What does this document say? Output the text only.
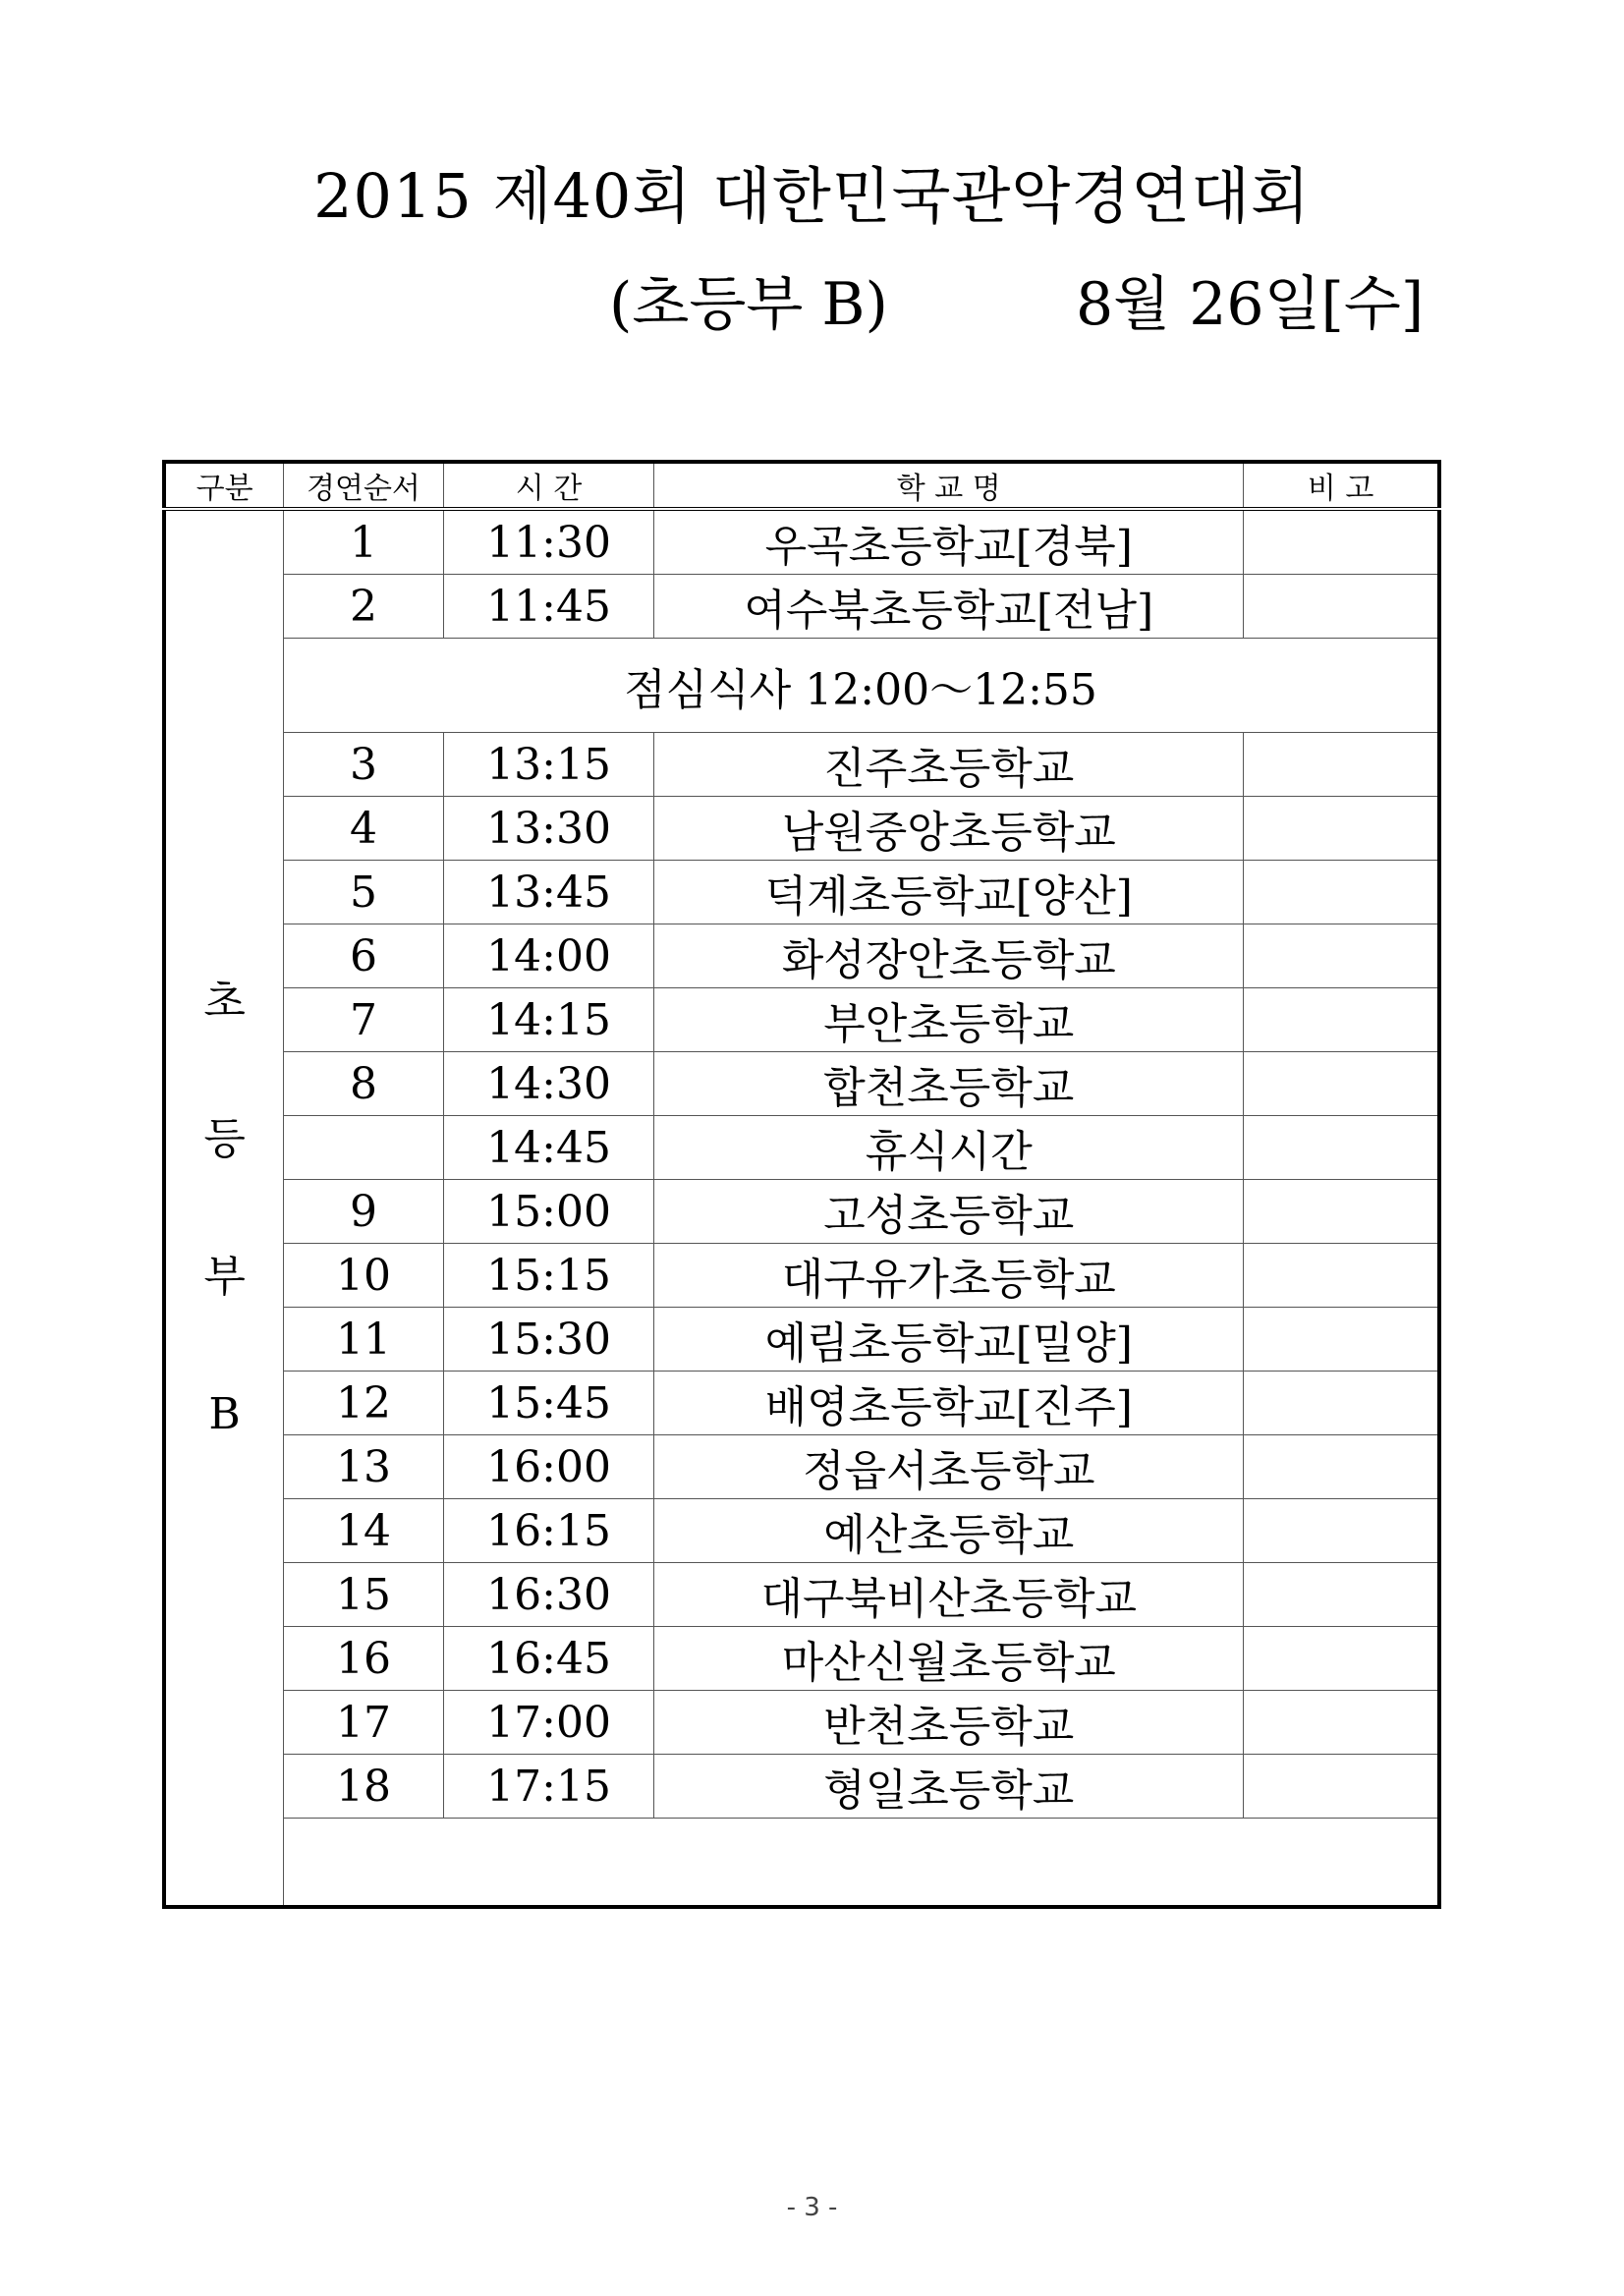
2015 제40회 대한민국관악경연대회
(초등부 B)	8월 26일[수]
구분	경연순서	시 간	학 교 명	비 고

초
등
부
B	1	11:30	우곡초등학교[경북]	
	2	11:45	여수북초등학교[전남]	
	점심식사 12:00～12:55			
	3	13:15	진주초등학교	
	4	13:30	남원중앙초등학교	
	5	13:45	덕계초등학교[양산]	
	6	14:00	화성장안초등학교	
	7	14:15	부안초등학교	
	8	14:30	합천초등학교	
		14:45	휴식시간	
	9	15:00	고성초등학교	
	10	15:15	대구유가초등학교	
	11	15:30	예림초등학교[밀양]	
	12	15:45	배영초등학교[진주]	
	13	16:00	정읍서초등학교	
	14	16:15	예산초등학교	
	15	16:30	대구북비산초등학교	
	16	16:45	마산신월초등학교	
	17	17:00	반천초등학교	
	18	17:15	형일초등학교	

- 3 -
